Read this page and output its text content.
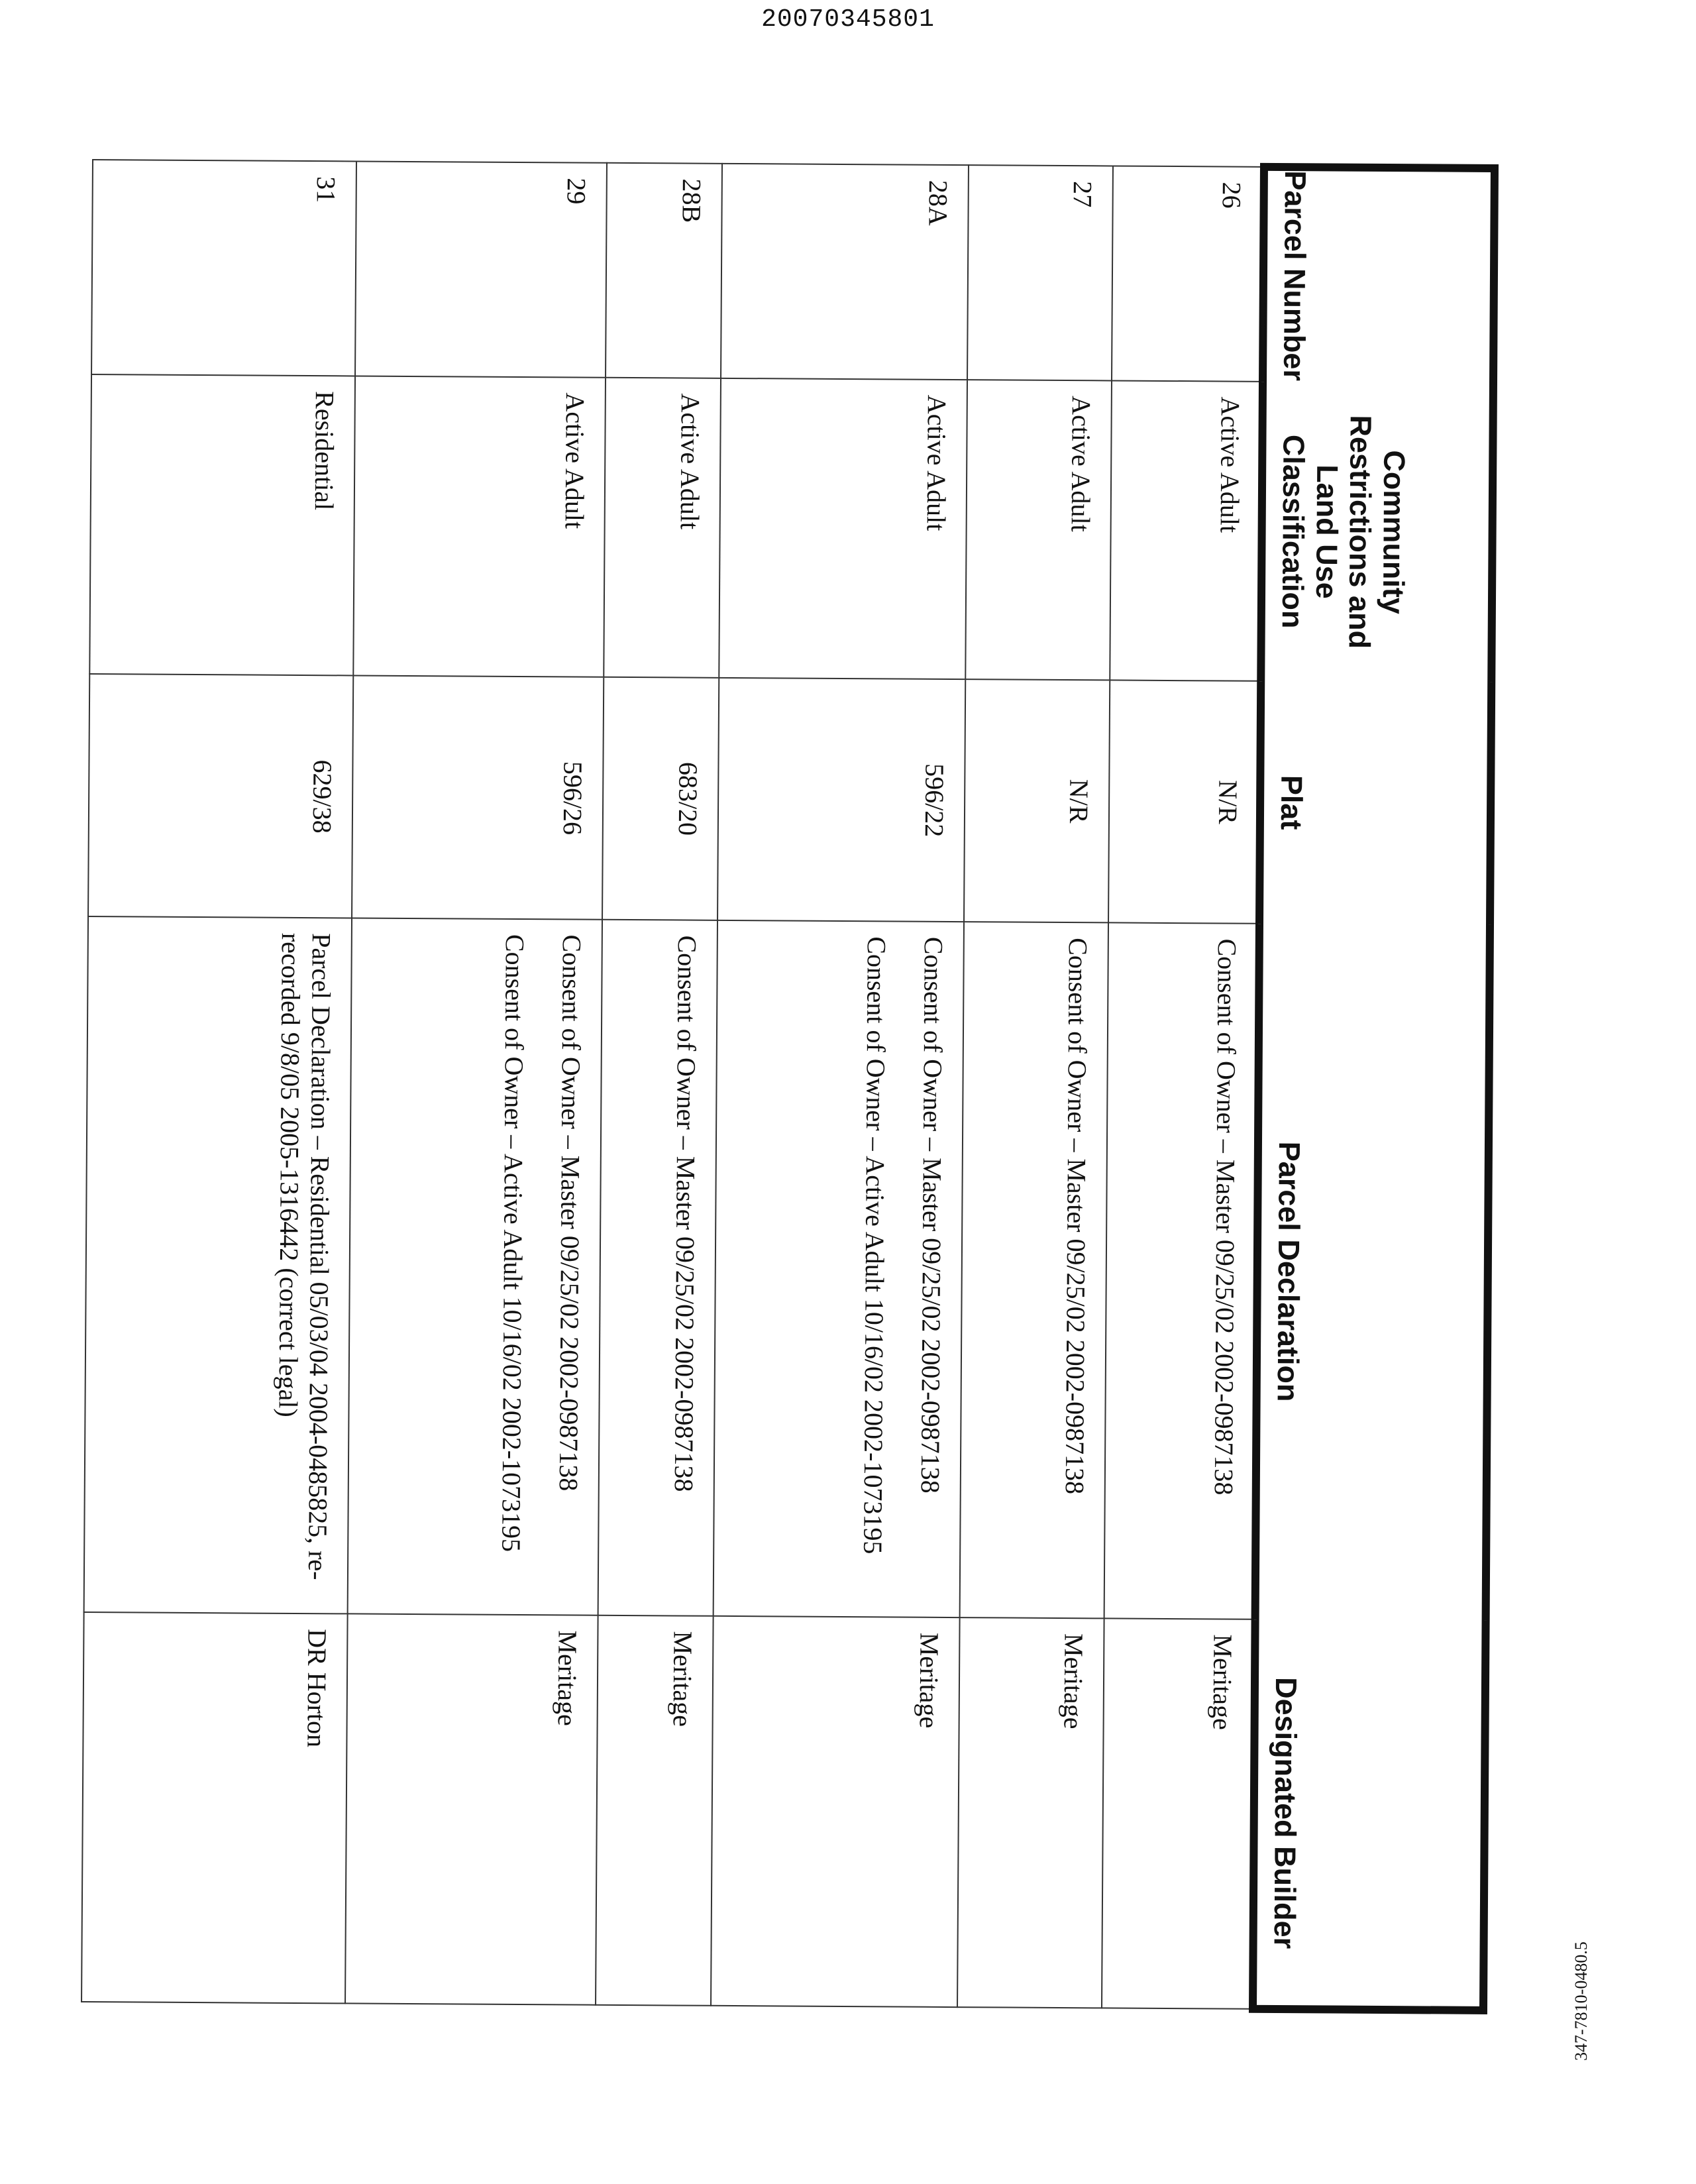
20070345801
Parcel Number	Community Restrictions and Land Use Classification	Plat	Parcel Declaration	Designated Builder
26	Active Adult	N/R	Consent of Owner – Master 09/25/02 2002-0987138	Meritage
27	Active Adult	N/R	Consent of Owner – Master 09/25/02 2002-0987138	Meritage
28A	Active Adult	596/22	Consent of Owner – Master 09/25/02 2002-0987138
Consent of Owner – Active Adult 10/16/02 2002-1073195	Meritage
28B	Active Adult	683/20	Consent of Owner – Master 09/25/02 2002-0987138	Meritage
29	Active Adult	596/26	Consent of Owner – Master 09/25/02 2002-0987138
Consent of Owner – Active Adult 10/16/02 2002-1073195	Meritage
31	Residential	629/38	Parcel Declaration – Residential 05/03/04 2004-0485825, re-recorded 9/8/05 2005-1316442 (correct legal)	DR Horton
347-7810-0480.5
